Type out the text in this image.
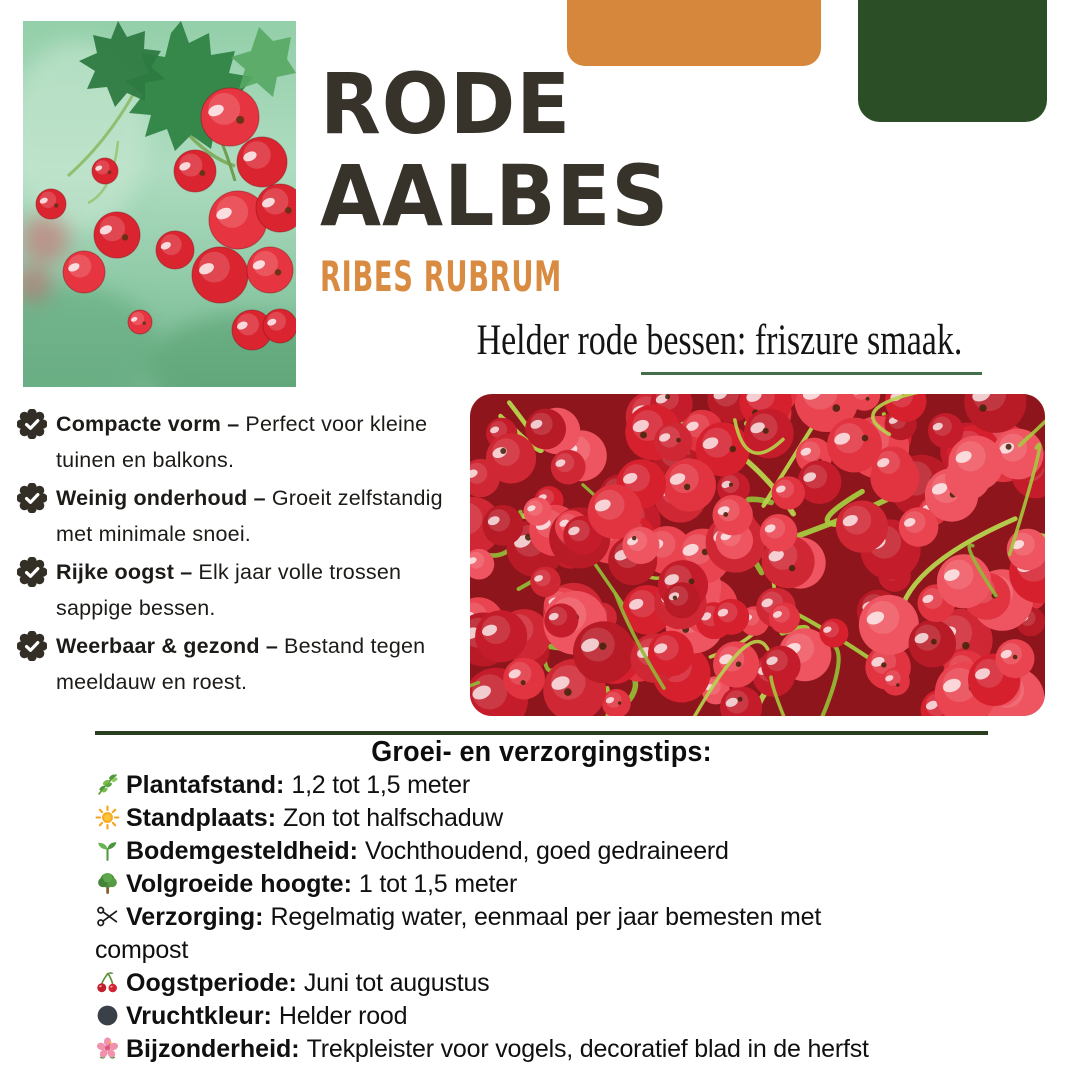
RODE
AALBES
RIBES RUBRUM
Helder rode bessen: friszure smaak.

Compacte vorm – Perfect voor kleine tuinen en balkons.

Weinig onderhoud – Groeit zelfstandig met minimale snoei.

Rijke oogst – Elk jaar volle trossen sappige bessen.

Weerbaar & gezond – Bestand tegen meeldauw en roest.

Groei- en verzorgingstips:
Plantafstand: 1,2 tot 1,5 meter
Standplaats: Zon tot halfschaduw
Bodemgesteldheid: Vochthoudend, goed gedraineerd
Volgroeide hoogte: 1 tot 1,5 meter
Verzorging: Regelmatig water, eenmaal per jaar bemesten met compost
Oogstperiode: Juni tot augustus
Vruchtkleur: Helder rood
Bijzonderheid: Trekpleister voor vogels, decoratief blad in de herfst
